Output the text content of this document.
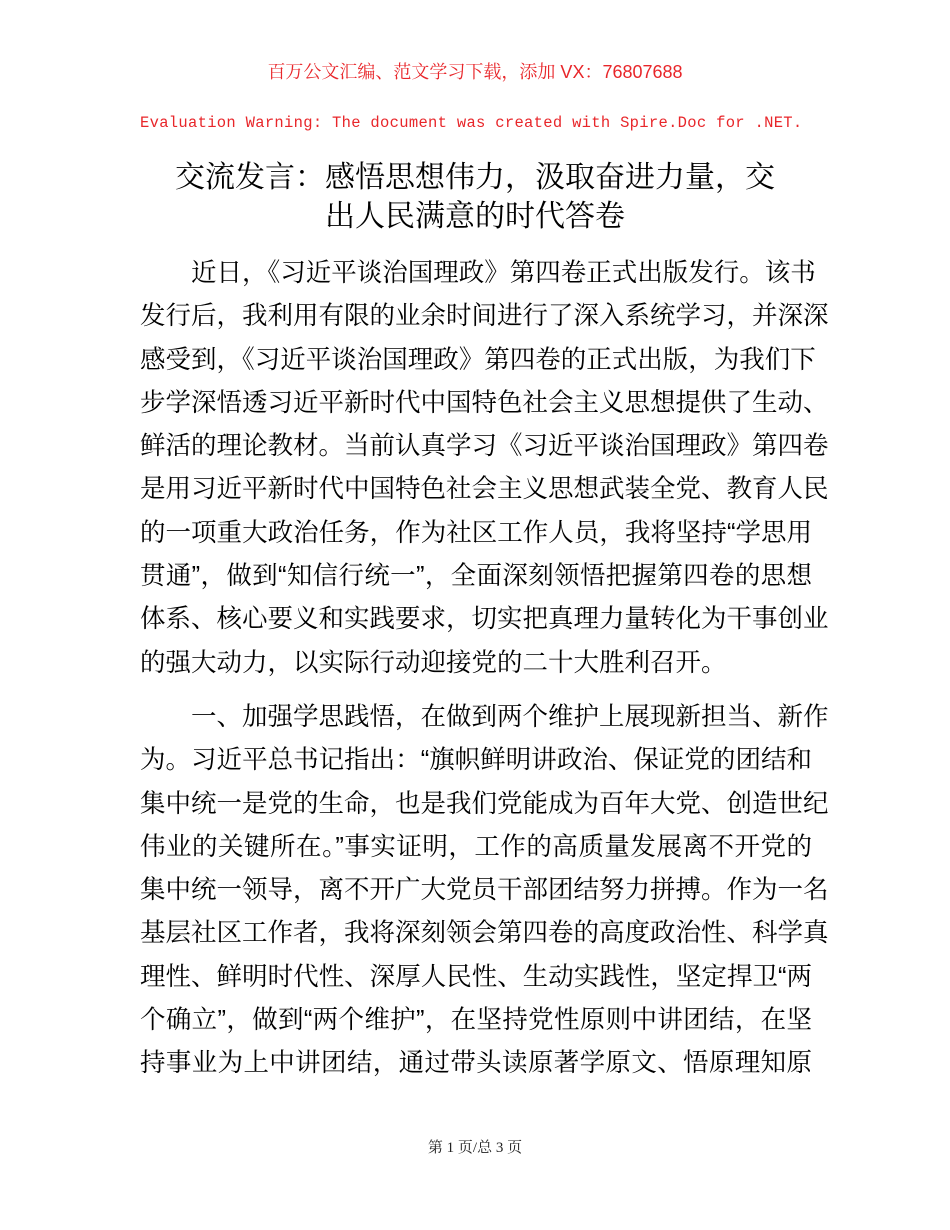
百万公文汇编、范文学习下载，添加 VX：76807688
Evaluation Warning: The document was created with Spire.Doc for .NET.
交流发言：感悟思想伟力，汲取奋进力量，交
出人民满意的时代答卷
近日，《习近平谈治国理政》第四卷正式出版发行。该书
发行后，我利用有限的业余时间进行了深入系统学习，并深深
感受到，《习近平谈治国理政》第四卷的正式出版，为我们下
步学深悟透习近平新时代中国特色社会主义思想提供了生动、
鲜活的理论教材。当前认真学习《习近平谈治国理政》第四卷
是用习近平新时代中国特色社会主义思想武装全党、教育人民
的一项重大政治任务，作为社区工作人员，我将坚持“学思用
贯通”，做到“知信行统一”，全面深刻领悟把握第四卷的思想
体系、核心要义和实践要求，切实把真理力量转化为干事创业
的强大动力，以实际行动迎接党的二十大胜利召开。
一、加强学思践悟，在做到两个维护上展现新担当、新作
为。习近平总书记指出：“旗帜鲜明讲政治、保证党的团结和
集中统一是党的生命，也是我们党能成为百年大党、创造世纪
伟业的关键所在。”事实证明，工作的高质量发展离不开党的
集中统一领导，离不开广大党员干部团结努力拼搏。作为一名
基层社区工作者，我将深刻领会第四卷的高度政治性、科学真
理性、鲜明时代性、深厚人民性、生动实践性，坚定捍卫“两
个确立”，做到“两个维护”，在坚持党性原则中讲团结，在坚
持事业为上中讲团结，通过带头读原著学原文、悟原理知原
第 1 页/总 3 页
